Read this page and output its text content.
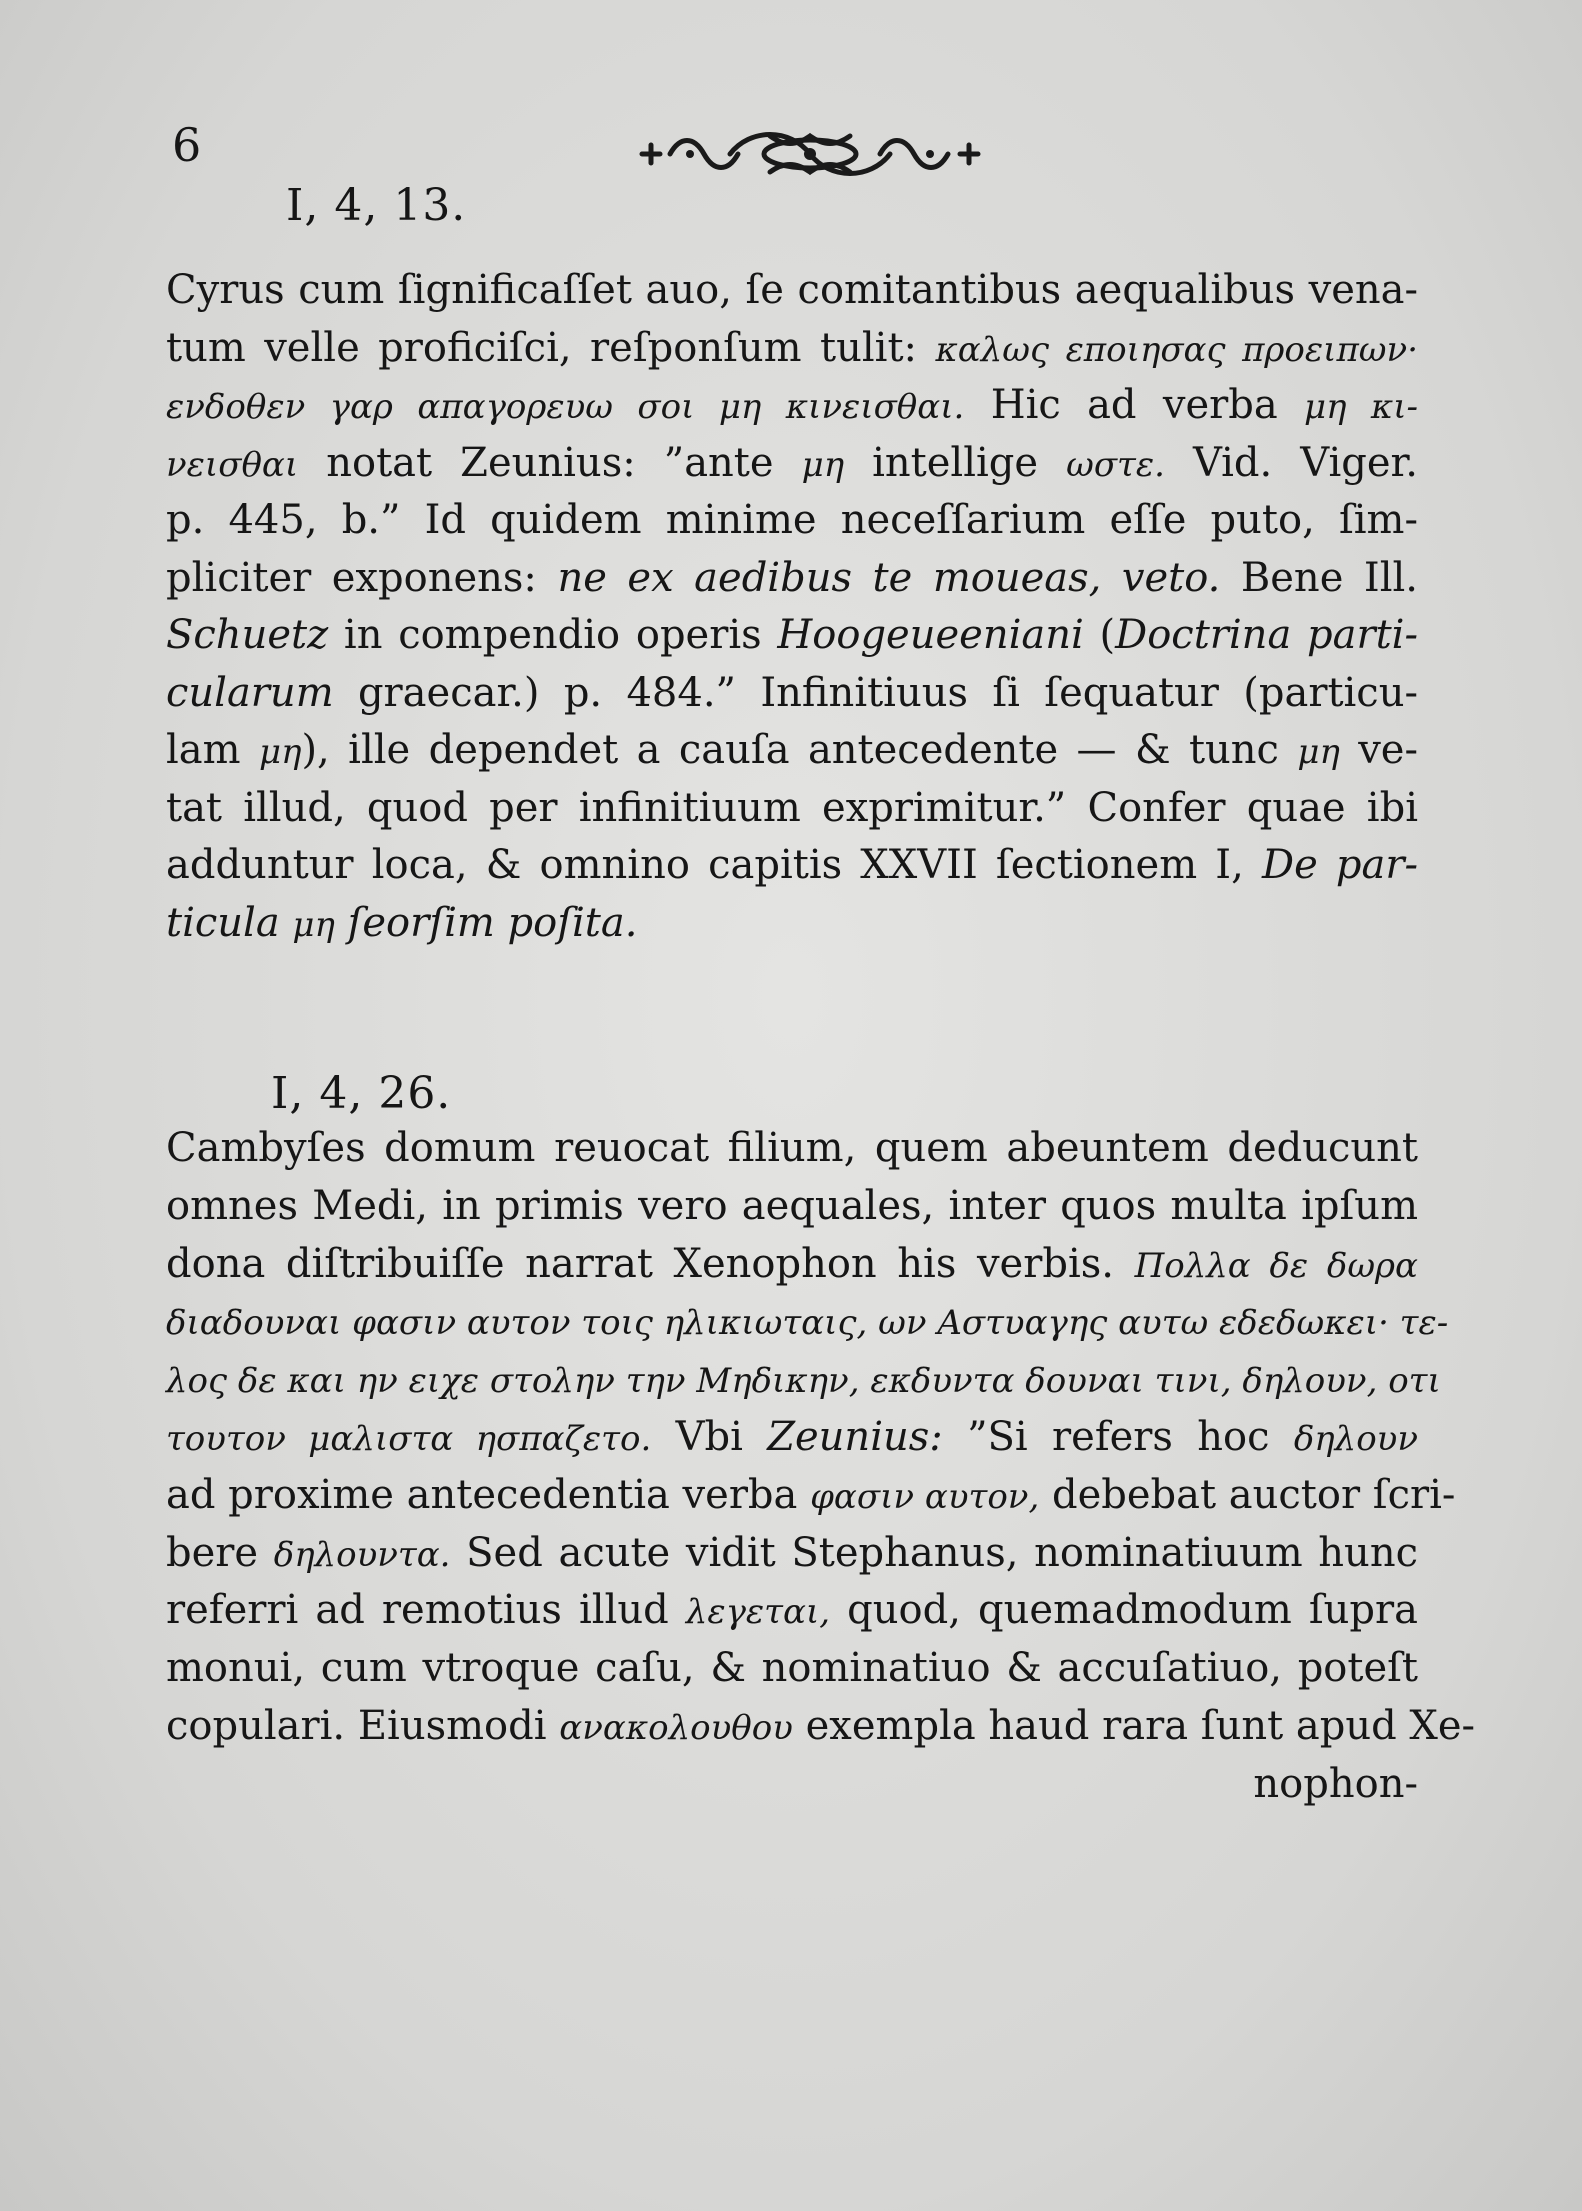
6
I, 4, 13.
Cyrus cum ſignificaſſet auo, ſe comitantibus aequalibus vena-
tum velle proficiſci, reſponſum tulit: καλως εποιησας προειπων·
ενδοθεν γαρ απαγορευω σοι μη κινεισθαι. Hic ad verba μη κι-
νεισθαι notat Zeunius: ”ante μη intellige ωστε. Vid. Viger.
p. 445, b.” Id quidem minime neceſſarium eſſe puto, ſim-
pliciter exponens: ne ex aedibus te moueas, veto. Bene Ill.
Schuetz in compendio operis Hoogeueeniani (Doctrina parti-
cularum graecar.) p. 484.” Infinitiuus ſi ſequatur (particu-
lam μη), ille dependet a cauſa antecedente — & tunc μη ve-
tat illud, quod per infinitiuum exprimitur.” Confer quae ibi
adduntur loca, & omnino capitis XXVII ſectionem I, De par-
ticula μη ſeorſim poſita.
I, 4, 26.
Cambyſes domum reuocat filium, quem abeuntem deducunt
omnes Medi, in primis vero aequales, inter quos multa ipſum
dona diſtribuiſſe narrat Xenophon his verbis. Πολλα δε δωρα
διαδουναι φασιν αυτον τοις ηλικιωταις, ων Αστυαγης αυτω εδεδωκει· τε-
λος δε και ην ειχε στολην την Μηδικην, εκδυντα δουναι τινι, δηλουν, οτι
τουτον μαλιστα ησπαζετο. Vbi Zeunius: ”Si refers hoc δηλουν
ad proxime antecedentia verba φασιν αυτον, debebat auctor ſcri-
bere δηλουντα. Sed acute vidit Stephanus, nominatiuum hunc
referri ad remotius illud λεγεται, quod, quemadmodum ſupra
monui, cum vtroque caſu, & nominatiuo & accuſatiuo, poteſt
copulari. Eiusmodi ανακολουθου exempla haud rara ſunt apud Xe-
nophon-
